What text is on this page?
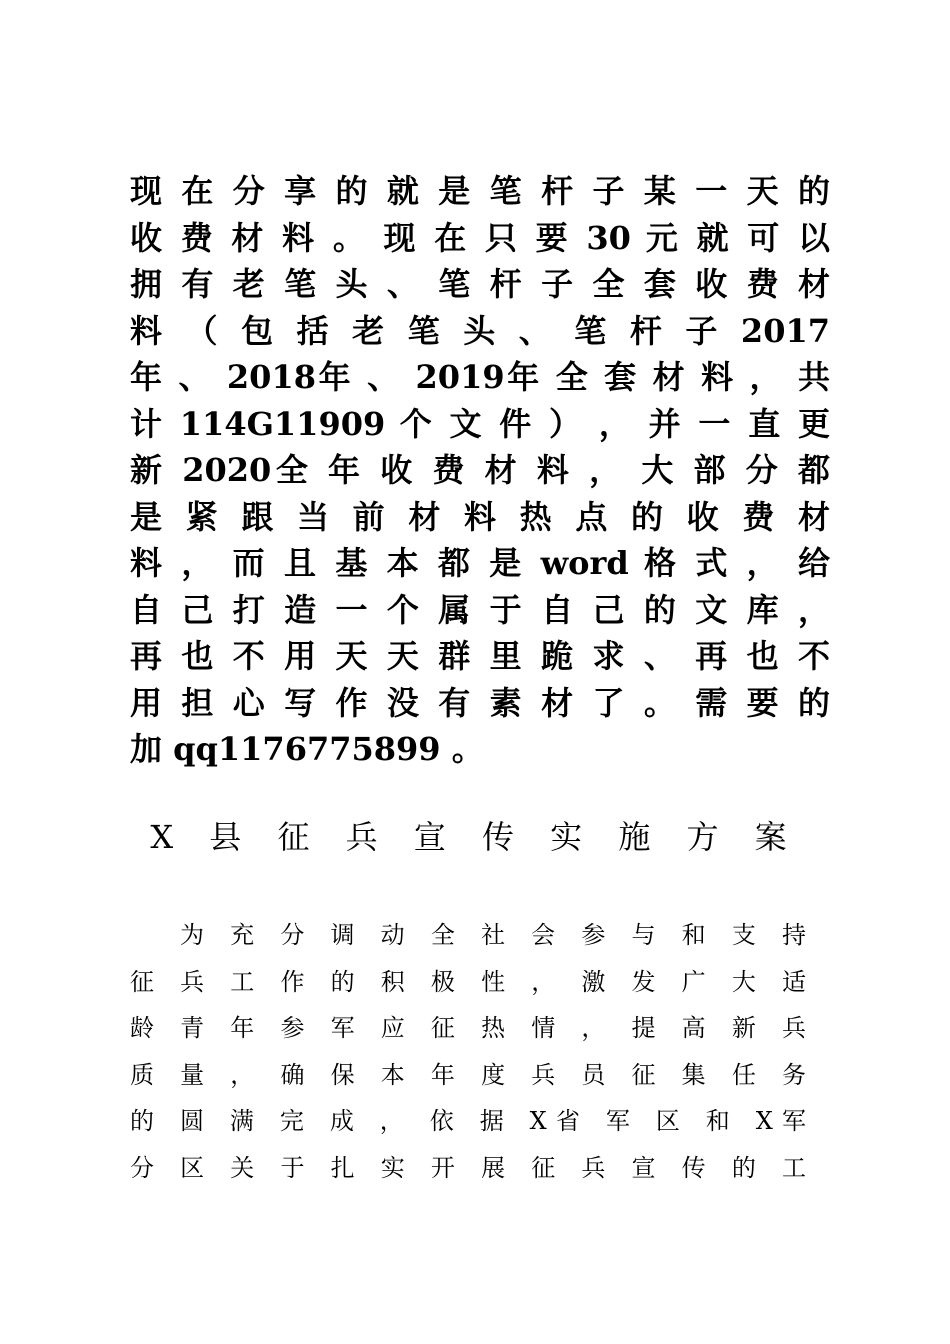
现 在 分 享 的 就 是 笔 杆 子 某 一 天 的
收 费 材 料 。 现 在 只 要 30 元 就 可 以
拥 有 老 笔 头 、 笔 杆 子 全 套 收 费 材
料 （ 包 括 老 笔 头 、 笔 杆 子 2017
年 、 2018年 、 2019年 全 套 材 料 ， 共
计 114G11909 个 文 件 ） ， 并 一 直 更
新 2020全 年 收 费 材 料 ， 大 部 分 都
是 紧 跟 当 前 材 料 热 点 的 收 费 材
料 ， 而 且 基 本 都 是 word 格 式 ， 给
自 己 打 造 一 个 属 于 自 己 的 文 库 ，
再 也 不 用 天 天 群 里 跪 求 、 再 也 不
用 担 心 写 作 没 有 素 材 了 。 需 要 的
加 qq1176775899 。
X 县 征 兵 宣 传 实 施 方 案
为 充 分 调 动 全 社 会 参 与 和 支 持
征 兵 工 作 的 积 极 性 ， 激 发 广 大 适
龄 青 年 参 军 应 征 热 情 ， 提 高 新 兵
质 量 ， 确 保 本 年 度 兵 员 征 集 任 务
的 圆 满 完 成 ， 依 据 X省 军 区 和 X军
分 区 关 于 扎 实 开 展 征 兵 宣 传 的 工
